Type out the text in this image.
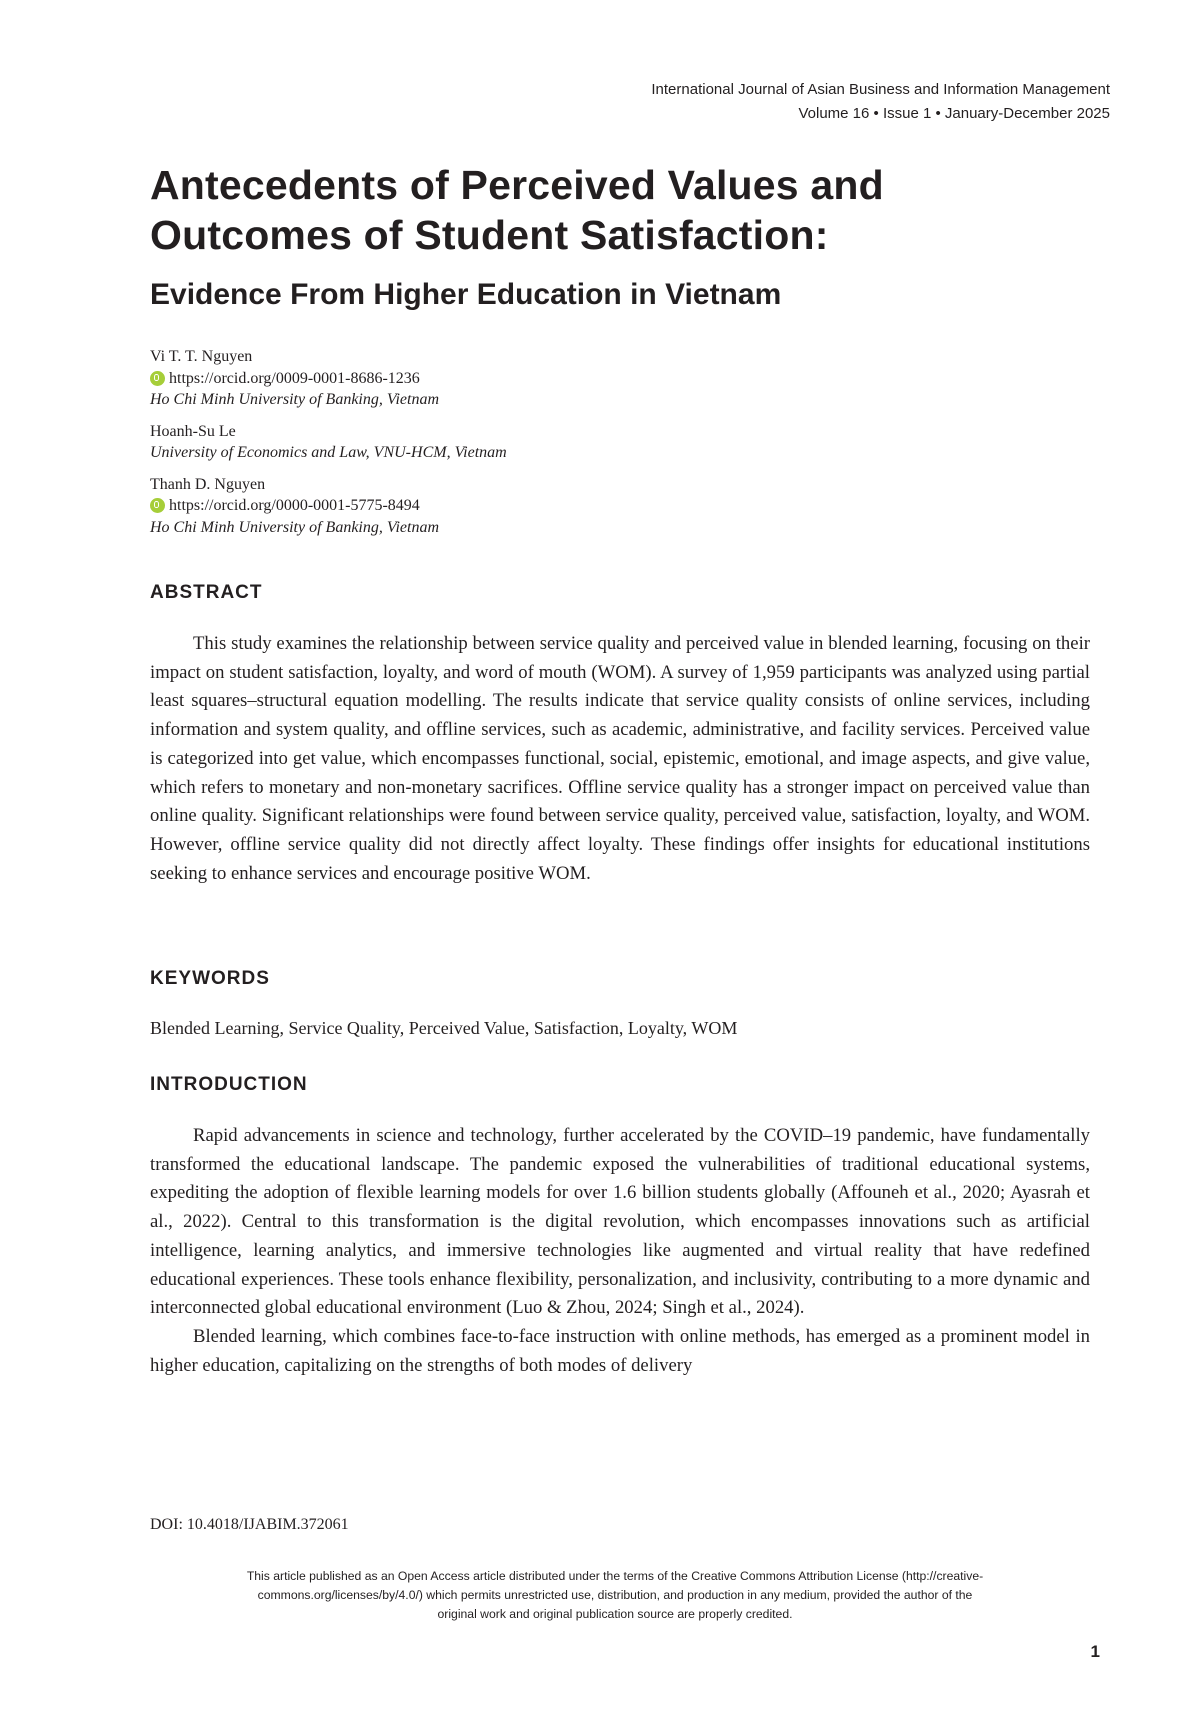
International Journal of Asian Business and Information Management
Volume 16 • Issue 1 • January-December 2025
Antecedents of Perceived Values and
Outcomes of Student Satisfaction:
Evidence From Higher Education in Vietnam
Vi T. T. Nguyen
https://orcid.org/0009-0001-8686-1236
Ho Chi Minh University of Banking, Vietnam
Hoanh-Su Le
University of Economics and Law, VNU-HCM, Vietnam
Thanh D. Nguyen
https://orcid.org/0000-0001-5775-8494
Ho Chi Minh University of Banking, Vietnam
ABSTRACT

This study examines the relationship between service quality and perceived value in blended learning, focusing on their impact on student satisfaction, loyalty, and word of mouth (WOM). A survey of 1,959 participants was analyzed using partial least squares–structural equation modelling. The results indicate that service quality consists of online services, including information and system quality, and offline services, such as academic, administrative, and facility services. Perceived value is categorized into get value, which encompasses functional, social, epistemic, emotional, and image aspects, and give value, which refers to monetary and non-monetary sacrifices. Offline service quality has a stronger impact on perceived value than online quality. Significant relationships were found between service quality, perceived value, satisfaction, loyalty, and WOM. However, offline service quality did not directly affect loyalty. These findings offer insights for educational institutions seeking to enhance services and encourage positive WOM.

KEYWORDS
Blended Learning, Service Quality, Perceived Value, Satisfaction, Loyalty, WOM
INTRODUCTION

Rapid advancements in science and technology, further accelerated by the COVID–19 pandemic, have fundamentally transformed the educational landscape. The pandemic exposed the vulnerabilities of traditional educational systems, expediting the adoption of flexible learning models for over 1.6 billion students globally (Affouneh et al., 2020; Ayasrah et al., 2022). Central to this transformation is the digital revolution, which encompasses innovations such as artificial intelligence, learning analytics, and immersive technologies like augmented and virtual reality that have redefined educational experiences. These tools enhance flexibility, personalization, and inclusivity, contributing to a more dynamic and interconnected global educational environment (Luo & Zhou, 2024; Singh et al., 2024).

Blended learning, which combines face-to-face instruction with online methods, has emerged as a prominent model in higher education, capitalizing on the strengths of both modes of delivery

DOI: 10.4018/IJABIM.372061
This article published as an Open Access article distributed under the terms of the Creative Commons Attribution License (http://creative-
commons.org/licenses/by/4.0/) which permits unrestricted use, distribution, and production in any medium, provided the author of the
original work and original publication source are properly credited.
1
